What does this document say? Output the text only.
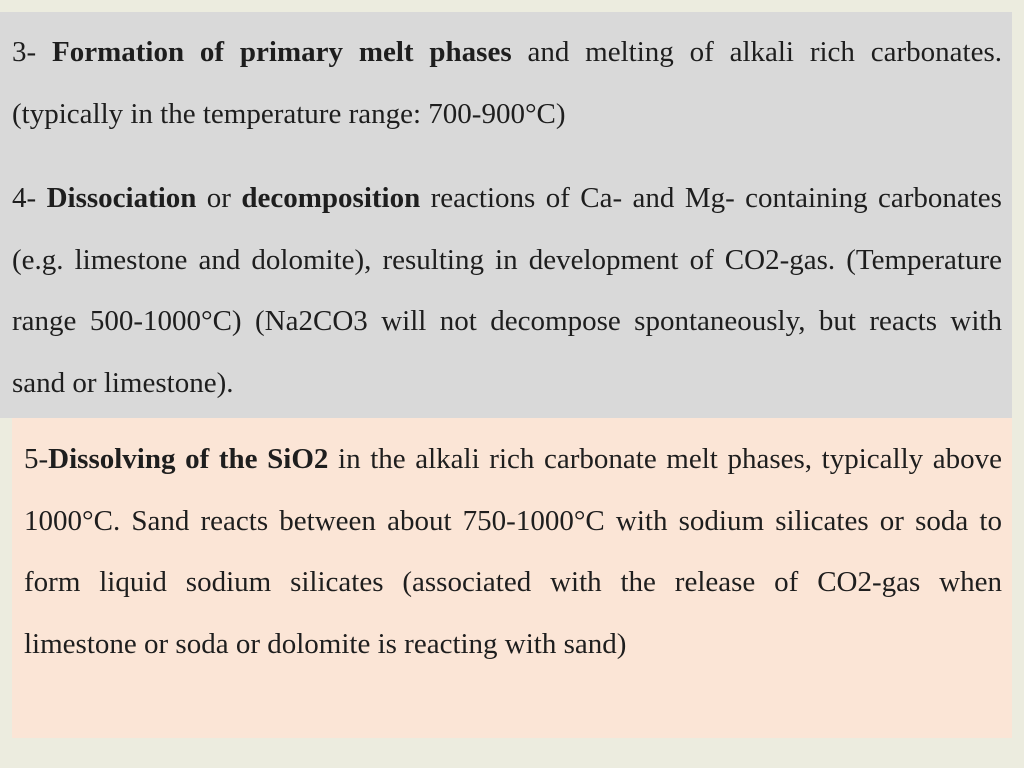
3- Formation of primary melt phases and melting of alkali rich carbonates. (typically in the temperature range: 700-900°C)

4- Dissociation or decomposition reactions of Ca- and Mg- containing carbonates (e.g. limestone and dolomite), resulting in development of CO2-gas. (Temperature range 500-1000°C) (Na2CO3 will not decompose spontaneously, but reacts with sand or limestone).

5-Dissolving of the SiO2 in the alkali rich carbonate melt phases, typically above 1000°C. Sand reacts between about 750-1000°C with sodium silicates or soda to form liquid sodium silicates (associated with the release of CO2-gas when limestone or soda or dolomite is reacting with sand)
